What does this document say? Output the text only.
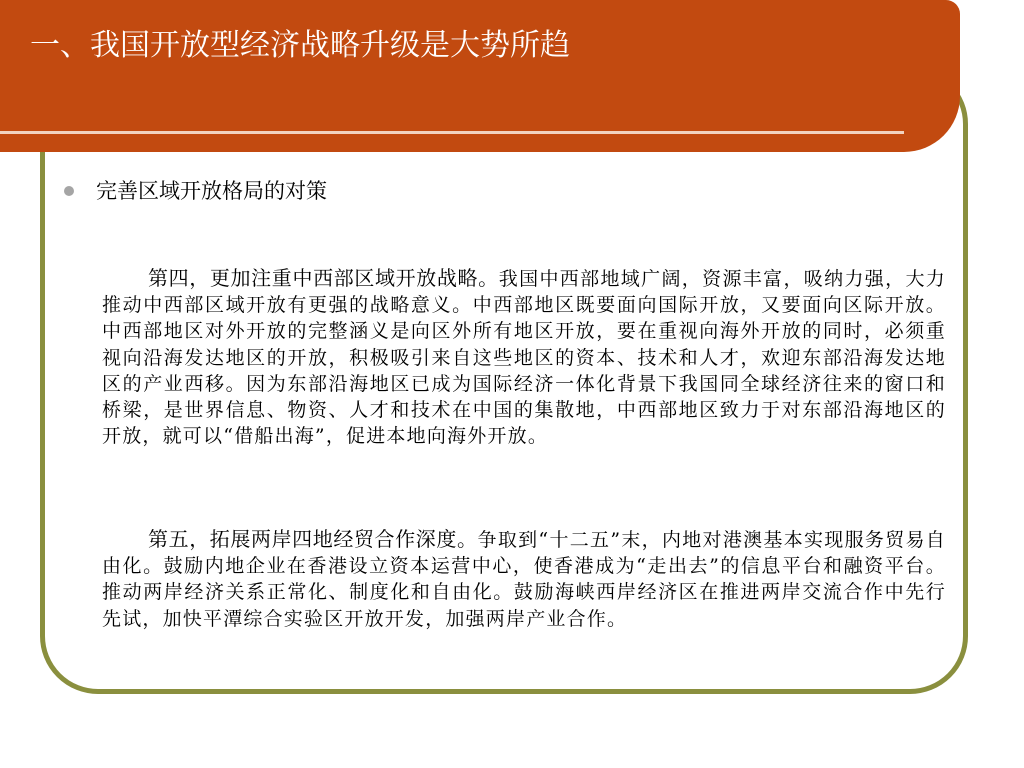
一、我国开放型经济战略升级是大势所趋
完善区域开放格局的对策
第四，更加注重中西部区域开放战略。我国中西部地域广阔，资源丰富，吸纳力强，大力推动中西部区域开放有更强的战略意义。中西部地区既要面向国际开放，又要面向区际开放。中西部地区对外开放的完整涵义是向区外所有地区开放，要在重视向海外开放的同时，必须重视向沿海发达地区的开放，积极吸引来自这些地区的资本、技术和人才，欢迎东部沿海发达地区的产业西移。因为东部沿海地区已成为国际经济一体化背景下我国同全球经济往来的窗口和桥梁，是世界信息、物资、人才和技术在中国的集散地，中西部地区致力于对东部沿海地区的开放，就可以“借船出海”，促进本地向海外开放。
第五，拓展两岸四地经贸合作深度。争取到“十二五”末，内地对港澳基本实现服务贸易自由化。鼓励内地企业在香港设立资本运营中心，使香港成为“走出去”的信息平台和融资平台。推动两岸经济关系正常化、制度化和自由化。鼓励海峡西岸经济区在推进两岸交流合作中先行先试，加快平潭综合实验区开放开发，加强两岸产业合作。
